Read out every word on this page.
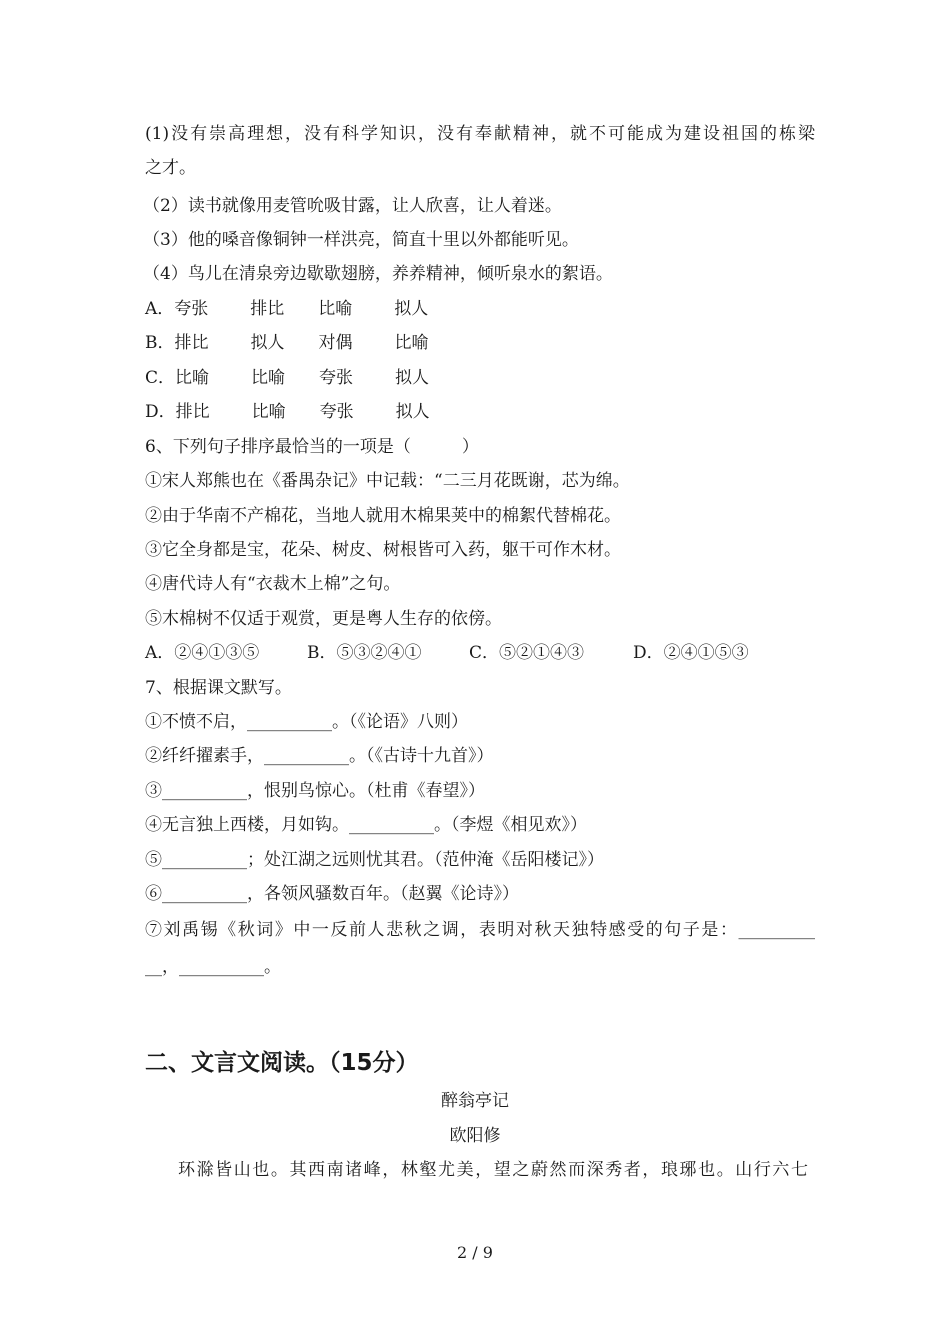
(1)没有崇高理想，没有科学知识，没有奉献精神，就不可能成为建设祖国的栋梁
之才。
（2）读书就像用麦管吮吸甘露，让人欣喜，让人着迷。
（3）他的嗓音像铜钟一样洪亮，简直十里以外都能听见。
（4）鸟儿在清泉旁边歇歇翅膀，养养精神，倾听泉水的絮语。
A．夸张 排比 比喻 拟人
B．排比 拟人 对偶 比喻
C．比喻 比喻 夸张 拟人
D．排比 比喻 夸张 拟人
6、下列句子排序最恰当的一项是（　　　）
①宋人郑熊也在《番禺杂记》中记载：“二三月花既谢，芯为绵。
②由于华南不产棉花，当地人就用木棉果荚中的棉絮代替棉花。
③它全身都是宝，花朵、树皮、树根皆可入药，躯干可作木材。
④唐代诗人有“衣裁木上棉”之句。
⑤木棉树不仅适于观赏，更是粤人生存的依傍。
A．②④①③⑤	B．⑤③②④①	C．⑤②①④③	D．②④①⑤③
7、根据课文默写。
①不愤不启，__________。（《论语》八则）
②纤纤擢素手，__________。（《古诗十九首》）
③__________，恨别鸟惊心。（杜甫《春望》）
④无言独上西楼，月如钩。__________。（李煜《相见欢》）
⑤__________；处江湖之远则忧其君。（范仲淹《岳阳楼记》）
⑥__________，各领风骚数百年。（赵翼《论诗》）
⑦刘禹锡《秋词》中一反前人悲秋之调，表明对秋天独特感受的句子是：_________
__，__________。
二、文言文阅读。（15分）
醉翁亭记
欧阳修
环滁皆山也。其西南诸峰，林壑尤美，望之蔚然而深秀者，琅琊也。山行六七
2 / 9
